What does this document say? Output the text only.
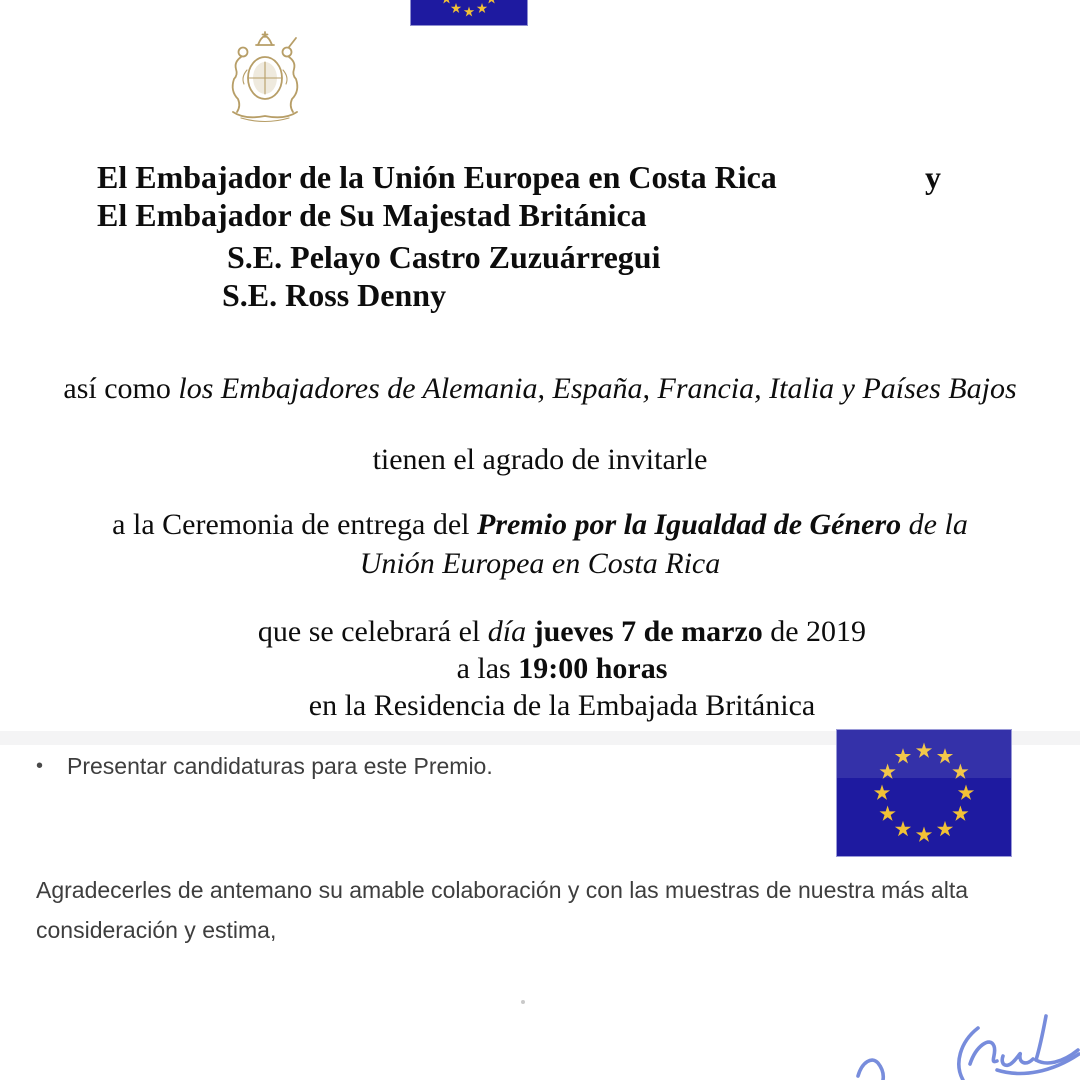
El Embajador de la Unión Europea en Costa Rica	y
El Embajador de Su Majestad Británica
S.E. Pelayo Castro Zuzuárregui
S.E. Ross Denny
así como los Embajadores de Alemania, España, Francia, Italia y Países Bajos
tienen el agrado de invitarle
a la Ceremonia de entrega del Premio por la Igualdad de Género de la
Unión Europea en Costa Rica
que se celebrará el día jueves 7 de marzo de 2019
a las 19:00 horas
en la Residencia de la Embajada Británica
• Presentar candidaturas para este Premio.
Agradecerles de antemano su amable colaboración y con las muestras de nuestra más alta consideración y estima,
